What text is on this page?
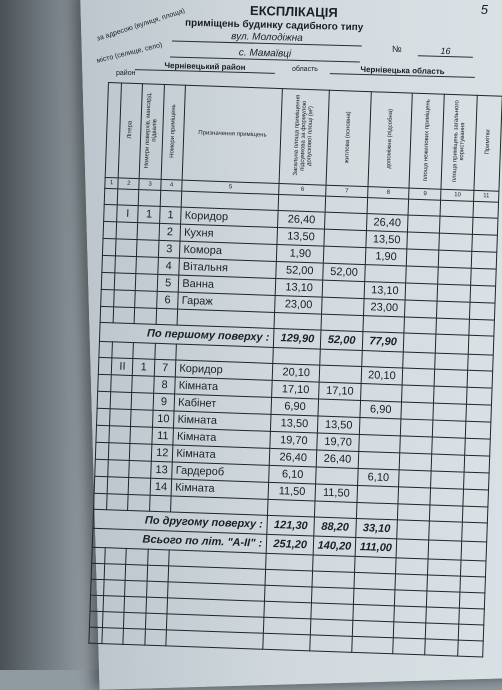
5
ЕКСПЛІКАЦІЯ
приміщень будинку садибного типу
за адресою (вулиця, площа)
місто (селище, село)
район
вул. Молодіжна
с. Мамаївці	№	16
Чернівецький район	область	Чернівецька область
	Літера	Номери поверхів, мансард, підвалів	Номери приміщень	Призначення приміщень	Загальна площа приміщення підсумкова за формулою допускової площі (м²)	житлова (основна)	допоміжна (підсобна)	площа нежилових приміщень	площа приміщень загального користування	Примітки
1	2	3	4	5	6	7	8	9	10	11

	І	1	1	Коридор	26,40		26,40			
			2	Кухня	13,50		13,50			
			3	Комора	1,90		1,90			
			4	Вітальня	52,00	52,00				
			5	Ванна	13,10		13,10			
			6	Гараж	23,00		23,00			

По першому поверху :					129,90	52,00	77,90			

	ІІ	1	7	Коридор	20,10		20,10			
			8	Кімната	17,10	17,10				
			9	Кабінет	6,90		6,90			
			10	Кімната	13,50	13,50				
			11	Кімната	19,70	19,70				
			12	Кімната	26,40	26,40				
			13	Гардероб	6,10		6,10			
			14	Кімната	11,50	11,50				

По другому поверху :					121,30	88,20	33,10			
Всього по літ. "А-ІІ" :					251,20	140,20	111,00			
